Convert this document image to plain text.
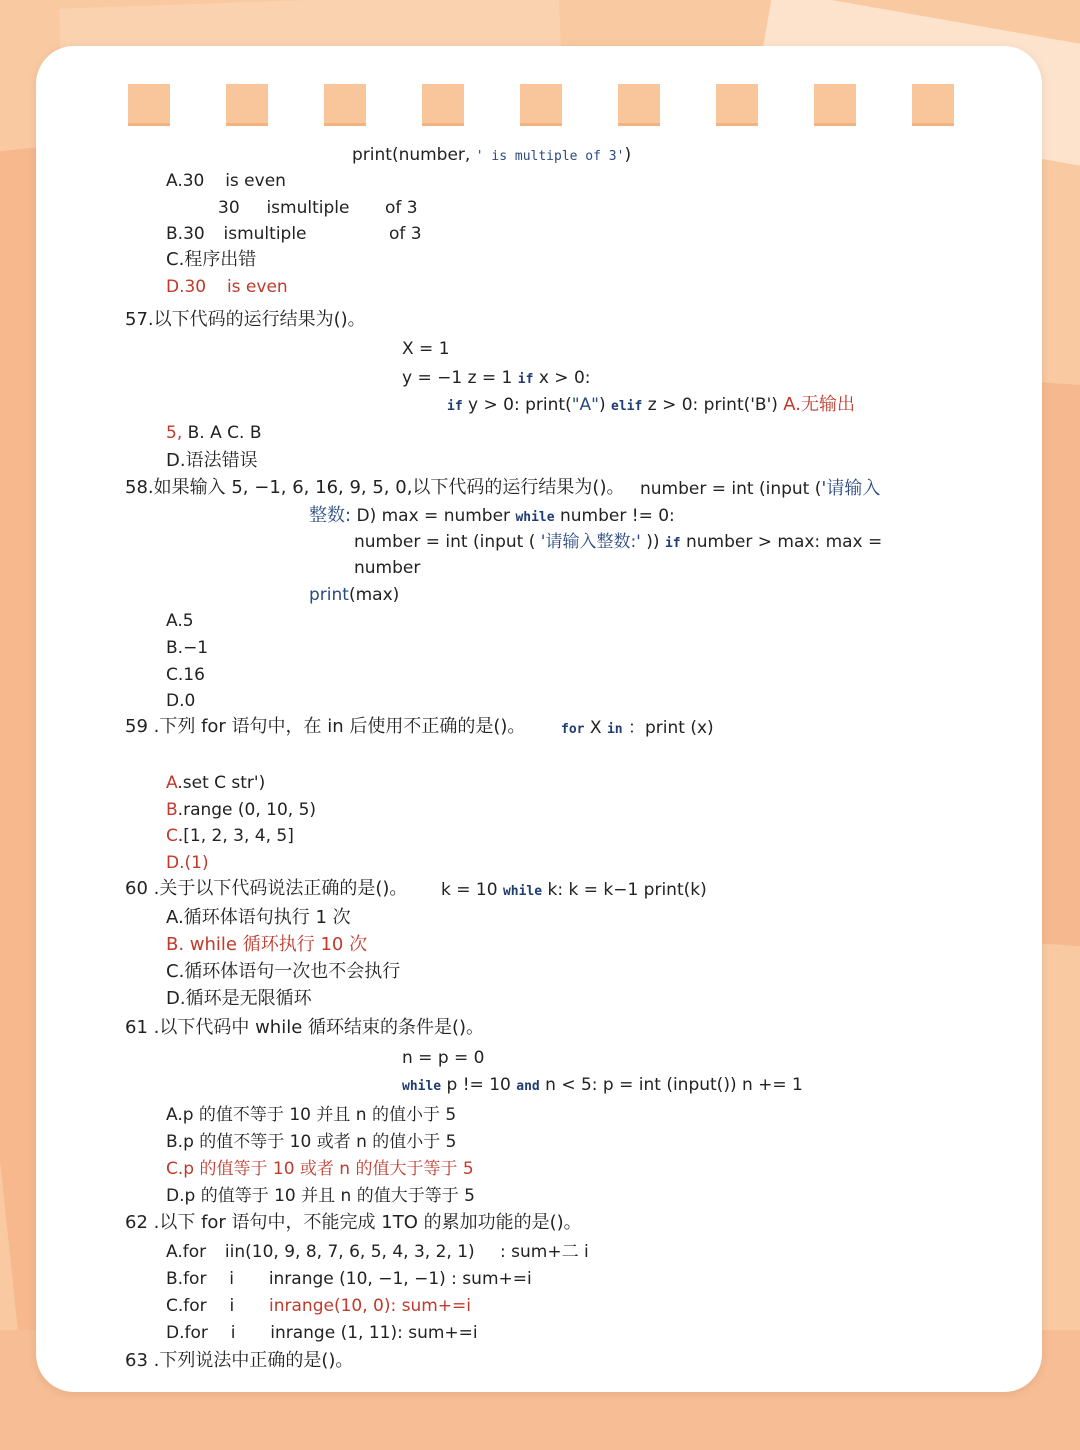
print(number, ' is multiple of 3')
A.30 is even
30 ismultiple of 3
B.30 ismultiple	of 3
C.程序出错
D.30 is even
57.以下代码的运行结果为()。
X = 1
y = −1 z = 1 if x > 0:
if y > 0: print("A") elif z > 0: print('B') A.无输出
5, B. A C. B
D.语法错误
58.如果输入 5, −1, 6, 16, 9, 5, 0,以下代码的运行结果为()。 number = int (input ('请输入
整数: D) max = number while number != 0:
number = int (input ( '请输入整数:' )) if number > max: max =
number
print(max)
A.5
B.−1
C.16
D.0
59 .下列 for 语句中，在 in 后使用不正确的是()。	for X in ：print (x)
A.set C str')
B.range (0, 10, 5)
C.[1, 2, 3, 4, 5]
D.(1)
60 .关于以下代码说法正确的是()。 k = 10 while k: k = k−1 print(k)
A.循环体语句执行 1 次
B. while 循环执行 10 次
C.循环体语句一次也不会执行
D.循环是无限循环
61 .以下代码中 while 循环结束的条件是()。
n = p = 0
while p != 10 and n < 5: p = int (input()) n += 1
A.p 的值不等于 10 并且 n 的值小于 5
B.p 的值不等于 10 或者 n 的值小于 5
C.p 的值等于 10 或者 n 的值大于等于 5
D.p 的值等于 10 并且 n 的值大于等于 5
62 .以下 for 语句中，不能完成 1TO 的累加功能的是()。
A.for iin(10, 9, 8, 7, 6, 5, 4, 3, 2, 1) : sum+二 i
B.for i inrange (10, −1, −1) : sum+=i
C.for i inrange(10, 0): sum+=i
D.for i inrange (1, 11): sum+=i
63 .下列说法中正确的是()。
